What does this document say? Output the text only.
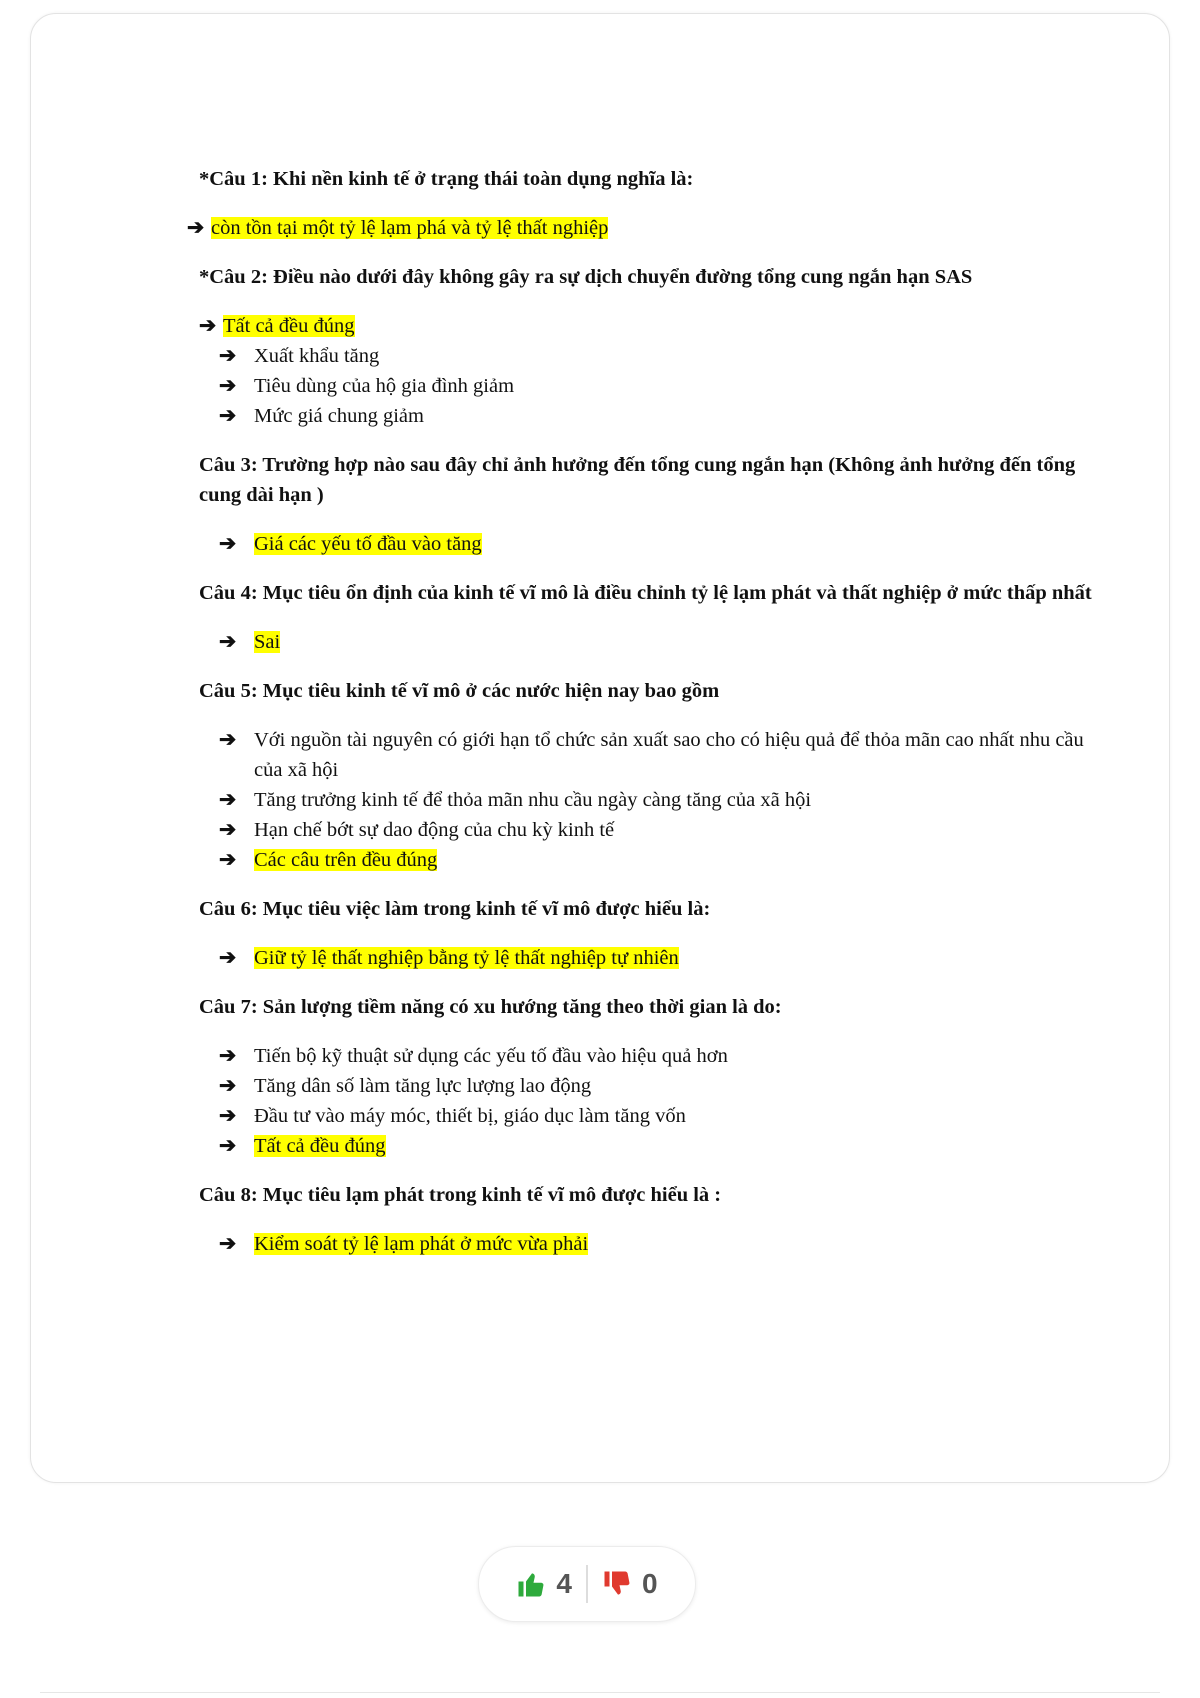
*Câu 1: Khi nền kinh tế ở trạng thái toàn dụng nghĩa là:

➔ còn tồn tại một tỷ lệ lạm phá và tỷ lệ thất nghiệp

*Câu 2: Điều nào dưới đây không gây ra sự dịch chuyển đường tổng cung ngắn hạn SAS

➔ Tất cả đều đúng
➔ Xuất khẩu tăng
➔ Tiêu dùng của hộ gia đình giảm
➔ Mức giá chung giảm

Câu 3: Trường hợp nào sau đây chỉ ảnh hưởng đến tổng cung ngắn hạn (Không ảnh hưởng đến tổng cung dài hạn )

➔ Giá các yếu tố đầu vào tăng

Câu 4: Mục tiêu ổn định của kinh tế vĩ mô là điều chỉnh tỷ lệ lạm phát và thất nghiệp ở mức thấp nhất

➔ Sai

Câu 5: Mục tiêu kinh tế vĩ mô ở các nước hiện nay bao gồm

➔ Với nguồn tài nguyên có giới hạn tổ chức sản xuất sao cho có hiệu quả để thỏa mãn cao nhất nhu cầu của xã hội
➔ Tăng trưởng kinh tế để thỏa mãn nhu cầu ngày càng tăng của xã hội
➔ Hạn chế bớt sự dao động của chu kỳ kinh tế
➔ Các câu trên đều đúng

Câu 6: Mục tiêu việc làm trong kinh tế vĩ mô được hiểu là:

➔ Giữ tỷ lệ thất nghiệp bằng tỷ lệ thất nghiệp tự nhiên

Câu 7: Sản lượng tiềm năng có xu hướng tăng theo thời gian là do:

➔ Tiến bộ kỹ thuật sử dụng các yếu tố đầu vào hiệu quả hơn
➔ Tăng dân số làm tăng lực lượng lao động
➔ Đầu tư vào máy móc, thiết bị, giáo dục làm tăng vốn
➔ Tất cả đều đúng

Câu 8: Mục tiêu lạm phát trong kinh tế vĩ mô được hiểu là :

➔ Kiểm soát tỷ lệ lạm phát ở mức vừa phải
4	0
